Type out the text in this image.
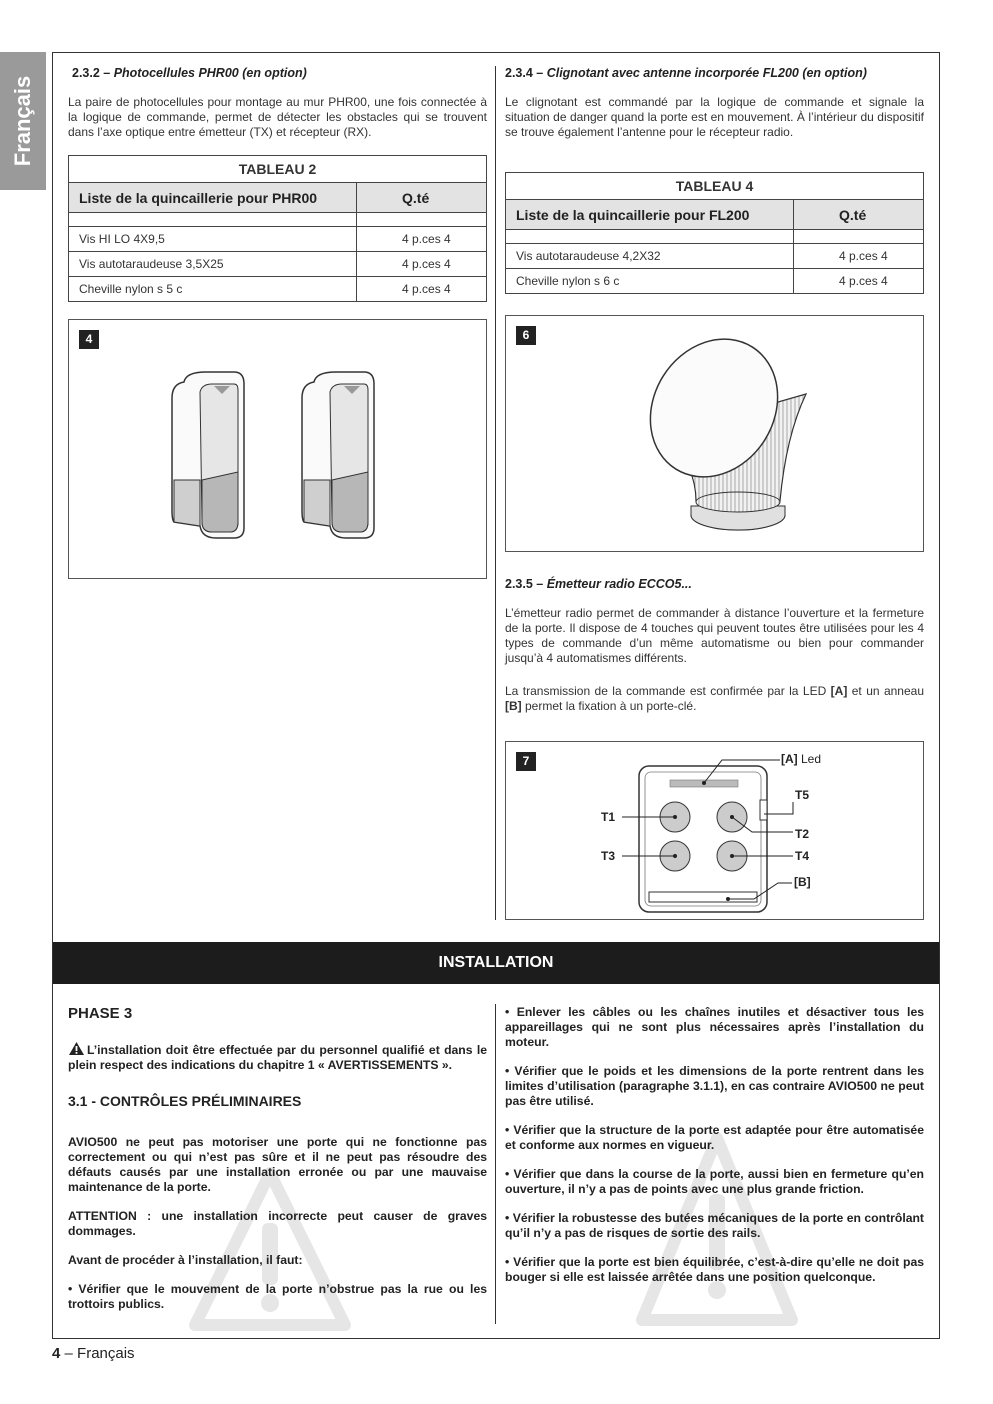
Français
2.3.2 – Photocellules PHR00 (en option)

La paire de photocellules pour montage au mur PHR00, une fois connectée à la logique de commande, permet de détecter les obstacles qui se trouvent dans l’axe optique entre émetteur (TX) et récepteur (RX).

TABLEAU 2	
Liste de la quincaillerie pour PHR00	Q.té

Vis HI LO 4X9,5	4 p.ces 4
Vis autotaraudeuse 3,5X25	4 p.ces 4
Cheville nylon s 5 c	4 p.ces 4
4
2.3.4 – Clignotant avec antenne incorporée FL200 (en option)

Le clignotant est commandé par la logique de commande et signale la situation de danger quand la porte est en mouvement. À l’intérieur du dispositif se trouve également l’antenne pour le récepteur radio.

TABLEAU 4	
Liste de la quincaillerie pour FL200	Q.té

Vis autotaraudeuse 4,2X32	4 p.ces 4
Cheville nylon s 6 c	4 p.ces 4
6
2.3.5 – Émetteur radio ECCO5...

L’émetteur radio permet de commander à distance l’ouverture et la fermeture de la porte. Il dispose de 4 touches qui peuvent toutes être utilisées pour les 4 types de commande d’un même automatisme ou bien pour commander jusqu’à 4 automatismes différents.

La transmission de la commande est confirmée par la LED [A] et un anneau [B] permet la fixation à un porte-clé.

7	[A] Led
T1
T3
T5
T2
T4
[B]
INSTALLATION
PHASE 3
L’installation doit être effectuée par du personnel qualifié et dans le plein respect des indications du chapitre 1 « AVERTISSEMENTS ».
3.1 - CONTRÔLES PRÉLIMINAIRES
AVIO500 ne peut pas motoriser une porte qui ne fonctionne pas correctement ou qui n’est pas sûre et il ne peut pas résoudre des défauts causés par une installation erronée ou par une mauvaise maintenance de la porte.
ATTENTION : une installation incorrecte peut causer de graves dommages.
Avant de procéder à l’installation, il faut:
• Vérifier que le mouvement de la porte n’obstrue pas la rue ou les trottoirs publics.
• Enlever les câbles ou les chaînes inutiles et désactiver tous les appareillages qui ne sont plus nécessaires après l’installation du moteur.
• Vérifier que le poids et les dimensions de la porte rentrent dans les limites d’utilisation (paragraphe 3.1.1), en cas contraire AVIO500 ne peut pas être utilisé.
• Vérifier que la structure de la porte est adaptée pour être automatisée et conforme aux normes en vigueur.
• Vérifier que dans la course de la porte, aussi bien en fermeture qu’en ouverture, il n’y a pas de points avec une plus grande friction.
• Vérifier la robustesse des butées mécaniques de la porte en contrôlant qu’il n’y a pas de risques de sortie des rails.
• Vérifier que la porte est bien équilibrée, c’est-à-dire qu’elle ne doit pas bouger si elle est laissée arrêtée dans une position quelconque.
4 – Français
